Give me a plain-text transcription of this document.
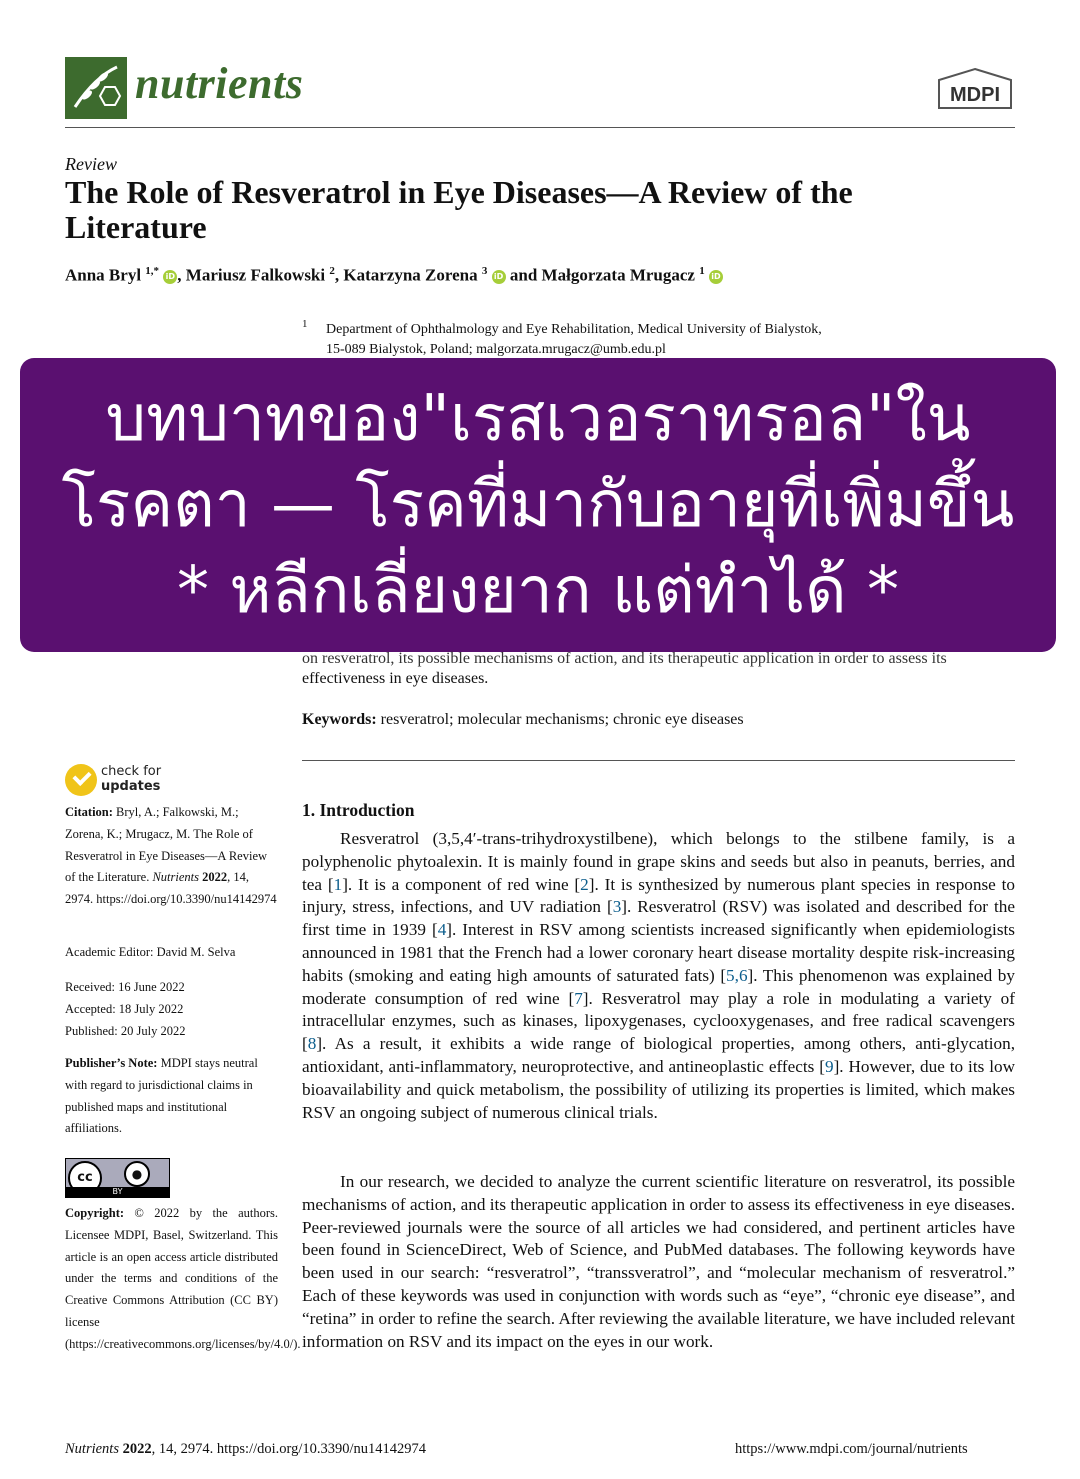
nutrients	MDPI
Review
The Role of Resveratrol in Eye Diseases—A Review of the Literature
Anna Bryl $^{1,*}$ iD , Mariusz Falkowski $^2$, Katarzyna Zorena $^3$ iD and Małgorzata Mrugacz $^1$ iD
1 Department of Ophthalmology and Eye Rehabilitation, Medical University of Bialystok,
15-089 Bialystok, Poland; malgorzata.mrugacz@umb.edu.pl
บทบาทของ"เรสเวอราทรอล"ใน
โรคตา — โรคที่มากับอายุที่เพิ่มขึ้น
* หลีกเลี่ยงยาก แต่ทำได้ *
on resveratrol, its possible mechanisms of action, and its therapeutic application in order to assess its
effectiveness in eye diseases.
Keywords: resveratrol; molecular mechanisms; chronic eye diseases
check for
updates
Citation: Bryl, A.; Falkowski, M.; Zorena, K.; Mrugacz, M. The Role of Resveratrol in Eye Diseases—A Review of the Literature. Nutrients 2022, 14, 2974. https://doi.org/10.3390/nu14142974
Academic Editor: David M. Selva
Received: 16 June 2022
Accepted: 18 July 2022
Published: 20 July 2022
Publisher’s Note: MDPI stays neutral with regard to jurisdictional claims in published maps and institutional affiliations.
cc	●
BY
Copyright: © 2022 by the authors. Licensee MDPI, Basel, Switzerland. This article is an open access article distributed under the terms and conditions of the Creative Commons Attribution (CC BY) license (https://creativecommons.org/licenses/by/4.0/).
1. Introduction
Resveratrol (3,5,4′-trans-trihydroxystilbene), which belongs to the stilbene family, is a polyphenolic phytoalexin. It is mainly found in grape skins and seeds but also in peanuts, berries, and tea [1]. It is a component of red wine [2]. It is synthesized by numerous plant species in response to injury, stress, infections, and UV radiation [3]. Resveratrol (RSV) was isolated and described for the first time in 1939 [4]. Interest in RSV among scientists increased significantly when epidemiologists announced in 1981 that the French had a lower coronary heart disease mortality despite risk-increasing habits (smoking and eating high amounts of saturated fats) [5,6]. This phenomenon was explained by moderate consumption of red wine [7]. Resveratrol may play a role in modulating a variety of intracellular enzymes, such as kinases, lipoxygenases, cyclooxygenases, and free radical scavengers [8]. As a result, it exhibits a wide range of biological properties, among others, anti-glycation, antioxidant, anti-inflammatory, neuroprotective, and antineoplastic effects [9]. However, due to its low bioavailability and quick metabolism, the possibility of utilizing its properties is limited, which makes RSV an ongoing subject of numerous clinical trials.
In our research, we decided to analyze the current scientific literature on resveratrol, its possible mechanisms of action, and its therapeutic application in order to assess its effectiveness in eye diseases. Peer-reviewed journals were the source of all articles we had considered, and pertinent articles have been found in ScienceDirect, Web of Science, and PubMed databases. The following keywords have been used in our search: “resveratrol”, “transsveratrol”, and “molecular mechanism of resveratrol.” Each of these keywords was used in conjunction with words such as “eye”, “chronic eye disease”, and “retina” in order to refine the search. After reviewing the available literature, we have included relevant information on RSV and its impact on the eyes in our work.
Nutrients 2022, 14, 2974. https://doi.org/10.3390/nu14142974	https://www.mdpi.com/journal/nutrients
